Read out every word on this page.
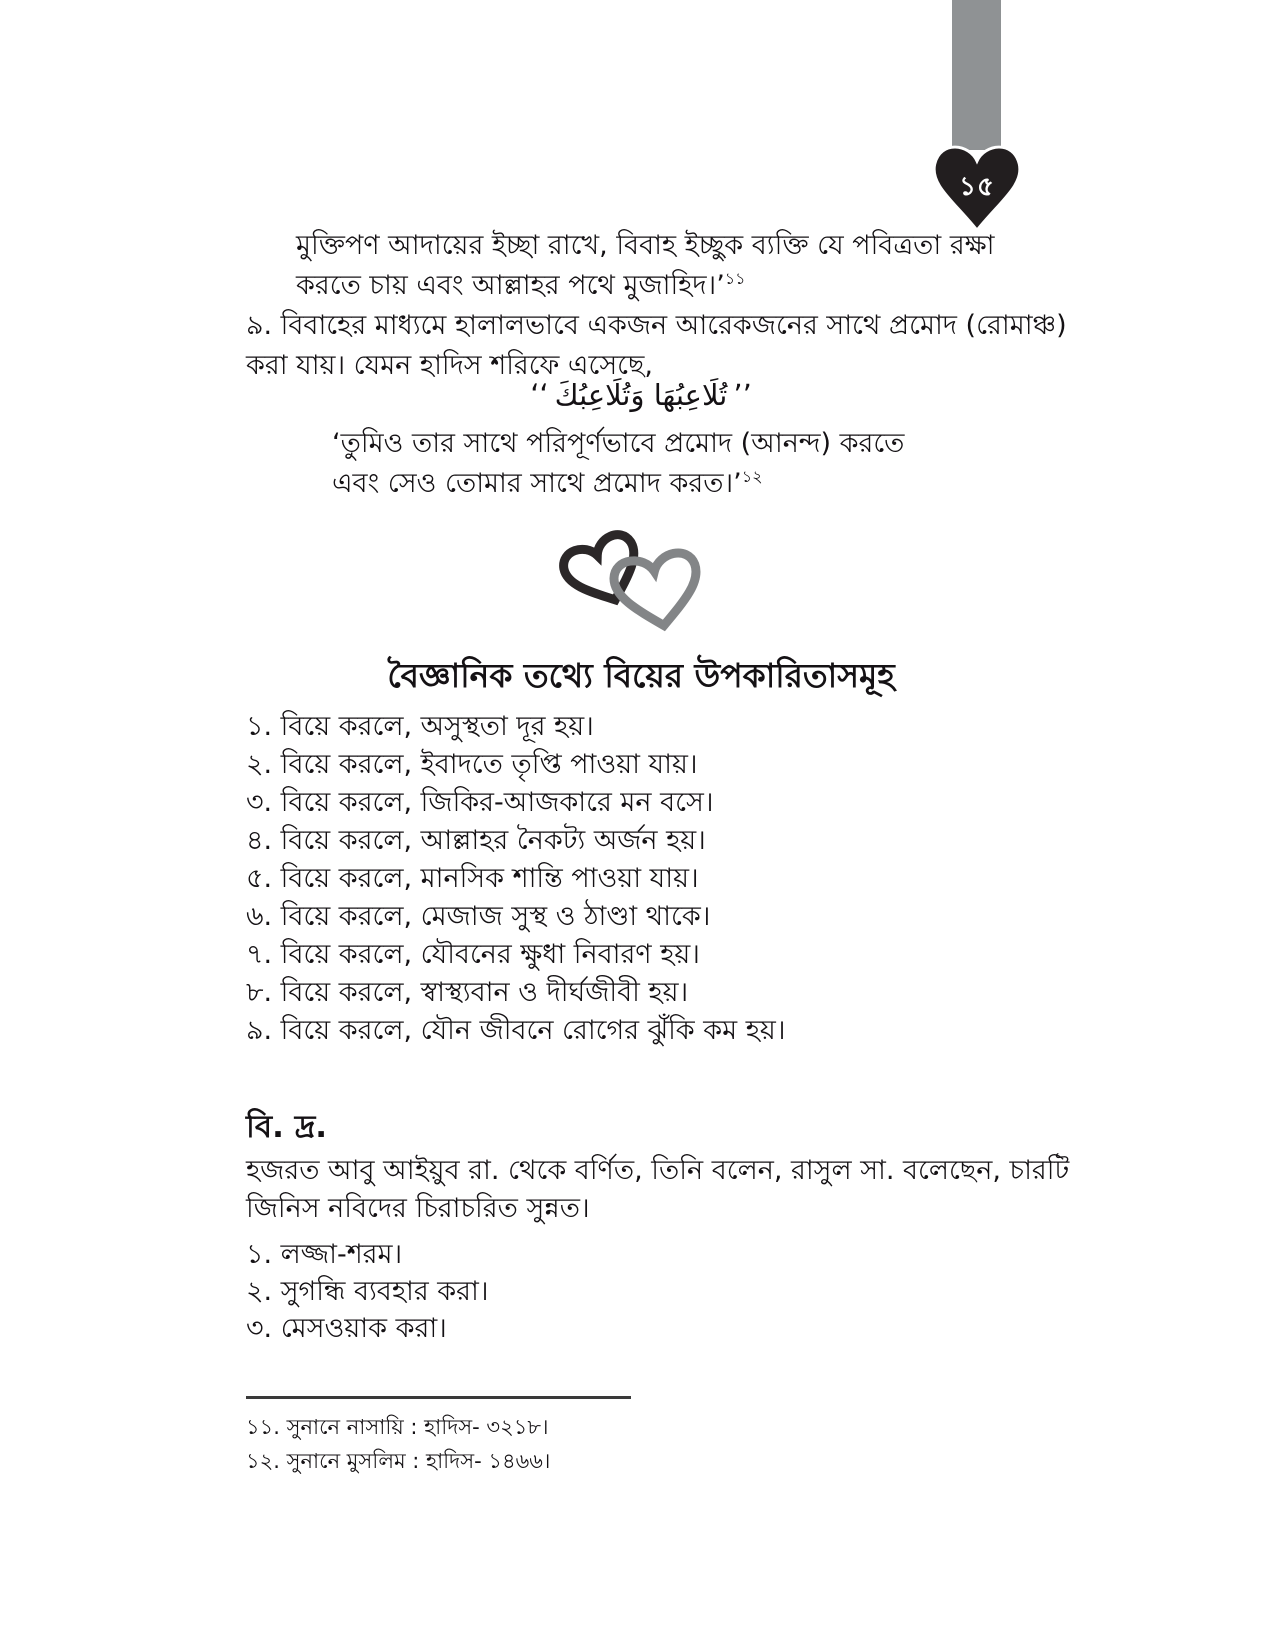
১৫
মুক্তিপণ আদায়ের ইচ্ছা রাখে, বিবাহ ইচ্ছুক ব্যক্তি যে পবিত্রতা রক্ষা
করতে চায় এবং আল্লাহর পথে মুজাহিদ।’$^{১১}$
৯. বিবাহের মাধ্যমে হালালভাবে একজন আরেকজনের সাথে প্রমোদ (রোমাঞ্চ)
করা যায়। যেমন হাদিস শরিফে এসেছে,
‘‘ تُلَاعِبُهَا وَتُلَاعِبُكَ ’’
‘তুমিও তার সাথে পরিপূর্ণভাবে প্রমোদ (আনন্দ) করতে
এবং সেও তোমার সাথে প্রমোদ করত।’$^{১২}$
বৈজ্ঞানিক তথ্যে বিয়ের উপকারিতাসমূহ
১. বিয়ে করলে, অসুস্থতা দূর হয়।
২. বিয়ে করলে, ইবাদতে তৃপ্তি পাওয়া যায়।
৩. বিয়ে করলে, জিকির-আজকারে মন বসে।
৪. বিয়ে করলে, আল্লাহর নৈকট্য অর্জন হয়।
৫. বিয়ে করলে, মানসিক শান্তি পাওয়া যায়।
৬. বিয়ে করলে, মেজাজ সুস্থ ও ঠাণ্ডা থাকে।
৭. বিয়ে করলে, যৌবনের ক্ষুধা নিবারণ হয়।
৮. বিয়ে করলে, স্বাস্থ্যবান ও দীর্ঘজীবী হয়।
৯. বিয়ে করলে, যৌন জীবনে রোগের ঝুঁকি কম হয়।
বি. দ্র.
হজরত আবু আইয়ুব রা. থেকে বর্ণিত, তিনি বলেন, রাসুল সা. বলেছেন, চারটি
জিনিস নবিদের চিরাচরিত সুন্নত।
১. লজ্জা-শরম।
২. সুগন্ধি ব্যবহার করা।
৩. মেসওয়াক করা।
১১. সুনানে নাসায়ি : হাদিস- ৩২১৮।
১২. সুনানে মুসলিম : হাদিস- ১৪৬৬।
